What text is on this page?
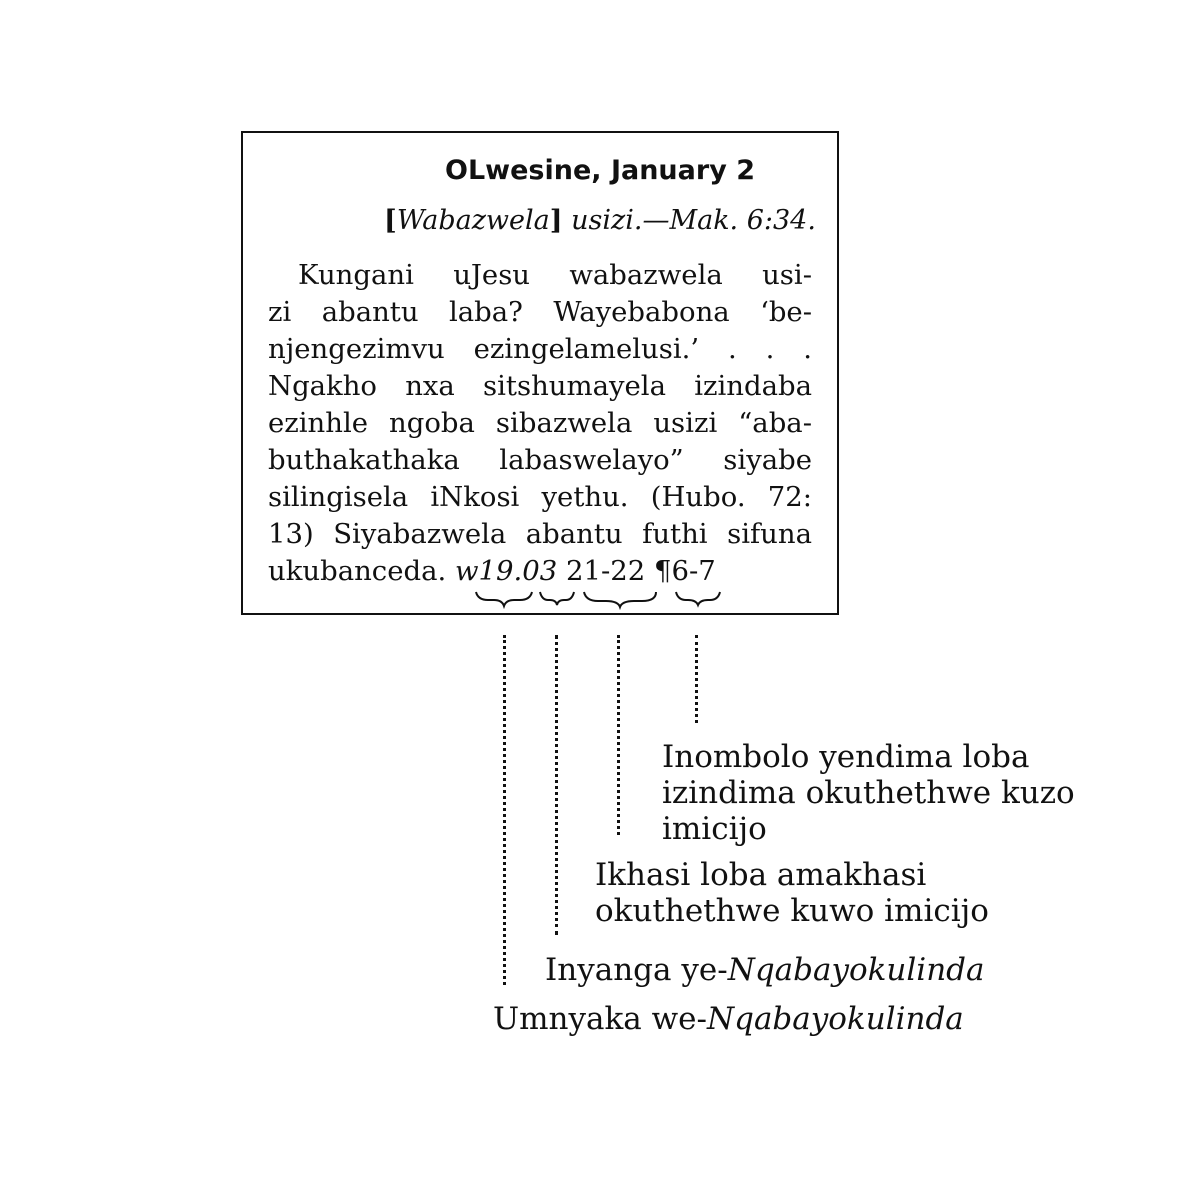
OLwesine, January 2
[Wabazwela] usizi.—Mak. 6:34.
Kungani uJesu wabazwela usi-
zi abantu laba? Wayebabona ‘be-
njengezimvu ezingelamelusi.’ . . .
Ngakho nxa sitshumayela izindaba
ezinhle ngoba sibazwela usizi “aba-
buthakathaka labaswelayo” siyabe
silingisela iNkosi yethu. (Hubo. 72:
13) Siyabazwela abantu futhi sifuna
ukubanceda. w19.03 21-22 ¶6-7
Inombolo yendima loba
izindima okuthethwe kuzo
imicijo
Ikhasi loba amakhasi
okuthethwe kuwo imicijo
Inyanga ye-Nqabayokulinda
Umnyaka we-Nqabayokulinda
